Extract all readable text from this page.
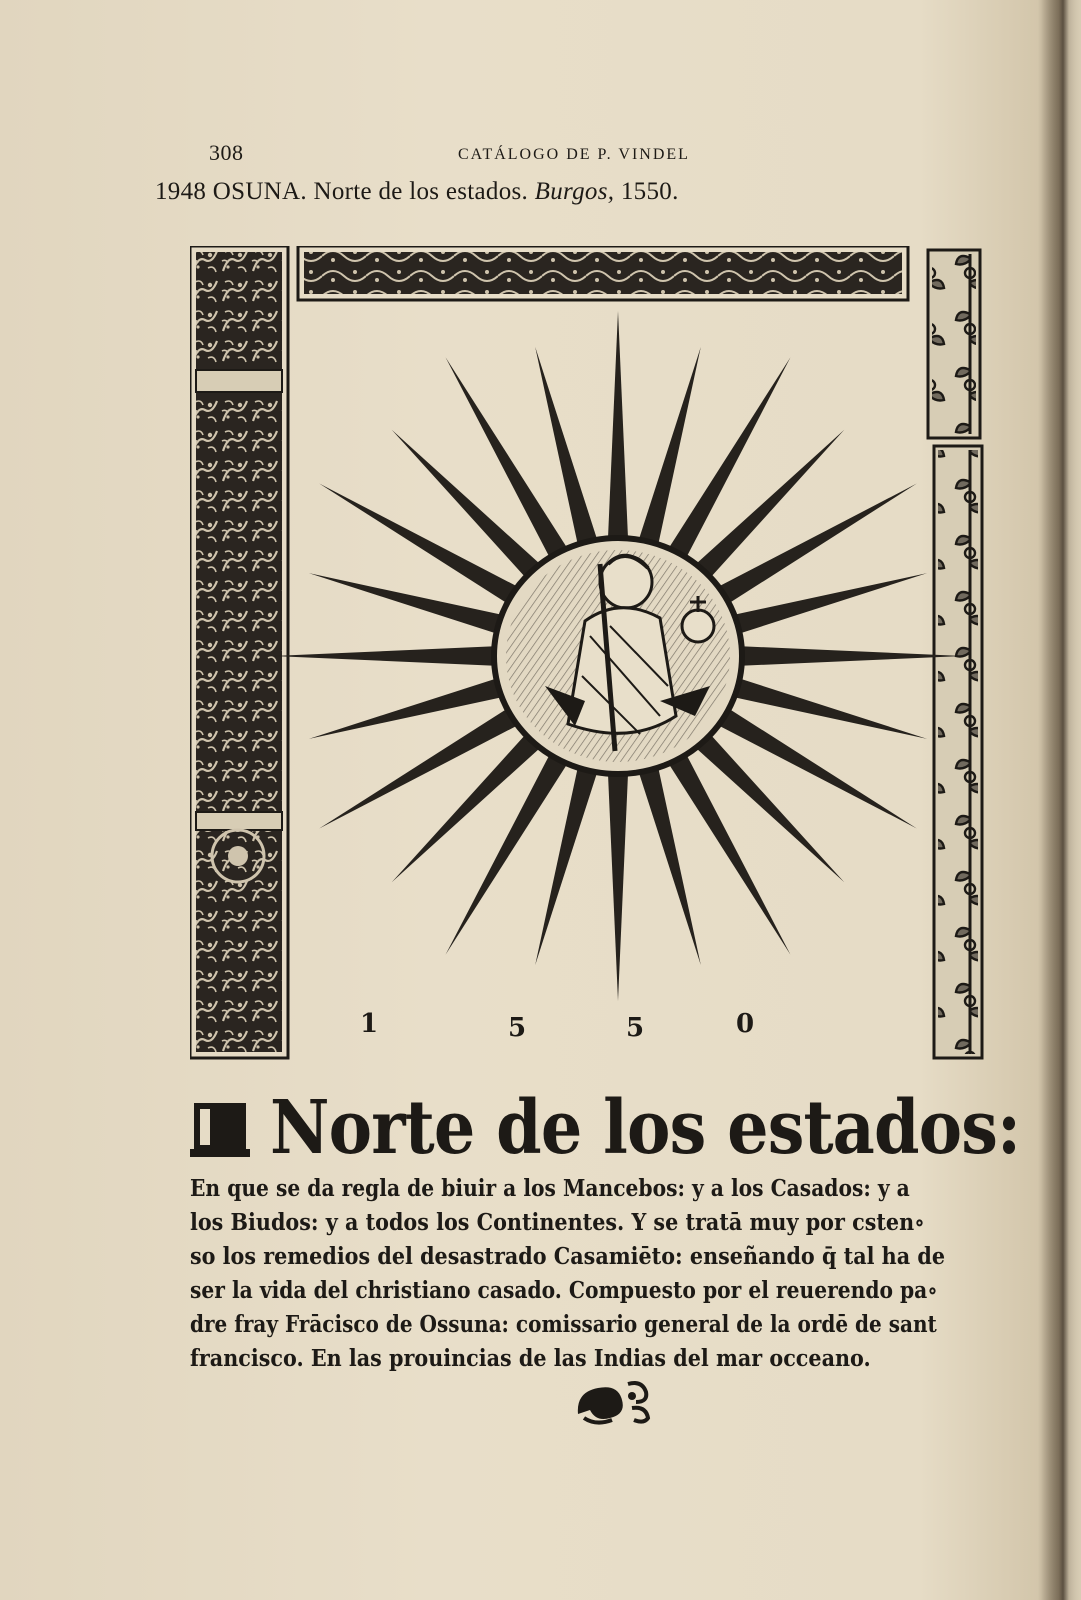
308	CATÁLOGO DE P. VINDEL
1948 OSUNA. Norte de los estados. Burgos, 1550.
1	5	5	0
Norte de los estados:
En que se da regla de biuir a los Mancebos: y a los Casados: y a
los Biudos: y a todos los Continentes. Y se tratā muy por csten∘
so los remedios del desastrado Casamiēto: enseñando q̄ tal ha de
ser la vida del christiano casado. Compuesto por el reuerendo pa∘
dre fray Frācisco de Ossuna: comissario general de la ordē de sant
francisco. En las prouincias de las Indias del mar occeano.
